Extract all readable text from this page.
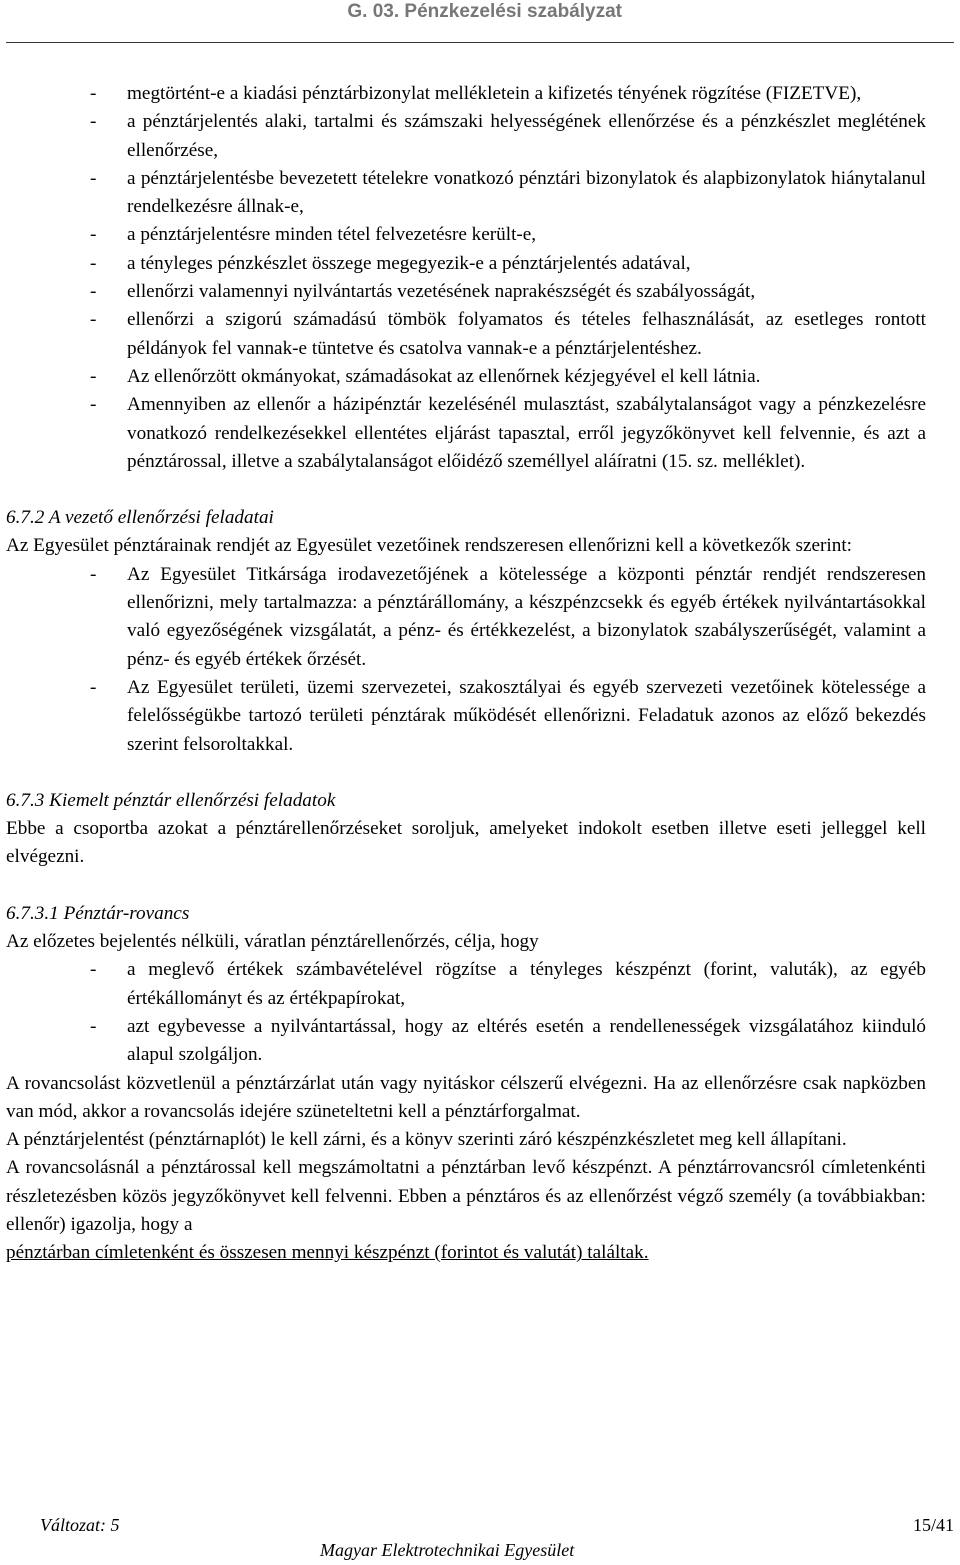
G. 03. Pénzkezelési szabályzat
- megtörtént-e a kiadási pénztárbizonylat mellékletein a kifizetés tényének rögzítése (FIZETVE),
- a pénztárjelentés alaki, tartalmi és számszaki helyességének ellenőrzése és a pénzkészlet meglétének ellenőrzése,
- a pénztárjelentésbe bevezetett tételekre vonatkozó pénztári bizonylatok és alapbizonylatok hiánytalanul rendelkezésre állnak-e,
- a pénztárjelentésre minden tétel felvezetésre került-e,
- a tényleges pénzkészlet összege megegyezik-e a pénztárjelentés adatával,
- ellenőrzi valamennyi nyilvántartás vezetésének naprakészségét és szabályosságát,
- ellenőrzi a szigorú számadású tömbök folyamatos és tételes felhasználását, az esetleges rontott példányok fel vannak-e tüntetve és csatolva vannak-e a pénztárjelentéshez.
- Az ellenőrzött okmányokat, számadásokat az ellenőrnek kézjegyével el kell látnia.
- Amennyiben az ellenőr a házipénztár kezelésénél mulasztást, szabálytalanságot vagy a pénzkezelésre vonatkozó rendelkezésekkel ellentétes eljárást tapasztal, erről jegyzőkönyvet kell felvennie, és azt a pénztárossal, illetve a szabálytalanságot előidéző személlyel aláíratni (15. sz. melléklet).
6.7.2 A vezető ellenőrzési feladatai
Az Egyesület pénztárainak rendjét az Egyesület vezetőinek rendszeresen ellenőrizni kell a következők szerint:
- Az Egyesület Titkársága irodavezetőjének a kötelessége a központi pénztár rendjét rendszeresen ellenőrizni, mely tartalmazza: a pénztárállomány, a készpénzcsekk és egyéb értékek nyilvántartásokkal való egyezőségének vizsgálatát, a pénz- és értékkezelést, a bizonylatok szabályszerűségét, valamint a pénz- és egyéb értékek őrzését.
- Az Egyesület területi, üzemi szervezetei, szakosztályai és egyéb szervezeti vezetőinek kötelessége a felelősségükbe tartozó területi pénztárak működését ellenőrizni. Feladatuk azonos az előző bekezdés szerint felsoroltakkal.
6.7.3 Kiemelt pénztár ellenőrzési feladatok
Ebbe a csoportba azokat a pénztárellenőrzéseket soroljuk, amelyeket indokolt esetben illetve eseti jelleggel kell elvégezni.
6.7.3.1 Pénztár-rovancs
Az előzetes bejelentés nélküli, váratlan pénztárellenőrzés, célja, hogy
- a meglevő értékek számbavételével rögzítse a tényleges készpénzt (forint, valuták), az egyéb értékállományt és az értékpapírokat,
- azt egybevesse a nyilvántartással, hogy az eltérés esetén a rendellenességek vizsgálatához kiinduló alapul szolgáljon.
A rovancsolást közvetlenül a pénztárzárlat után vagy nyitáskor célszerű elvégezni. Ha az ellenőrzésre csak napközben van mód, akkor a rovancsolás idejére szüneteltetni kell a pénztárforgalmat.
A pénztárjelentést (pénztárnaplót) le kell zárni, és a könyv szerinti záró készpénzkészletet meg kell állapítani.
A rovancsolásnál a pénztárossal kell megszámoltatni a pénztárban levő készpénzt. A pénztárrovancsról címletenkénti részletezésben közös jegyzőkönyvet kell felvenni. Ebben a pénztáros és az ellenőrzést végző személy (a továbbiakban: ellenőr) igazolja, hogy a
pénztárban címletenként és összesen mennyi készpénzt (forintot és valutát) találtak.
Változat: 5	15/41
Magyar Elektrotechnikai Egyesület
